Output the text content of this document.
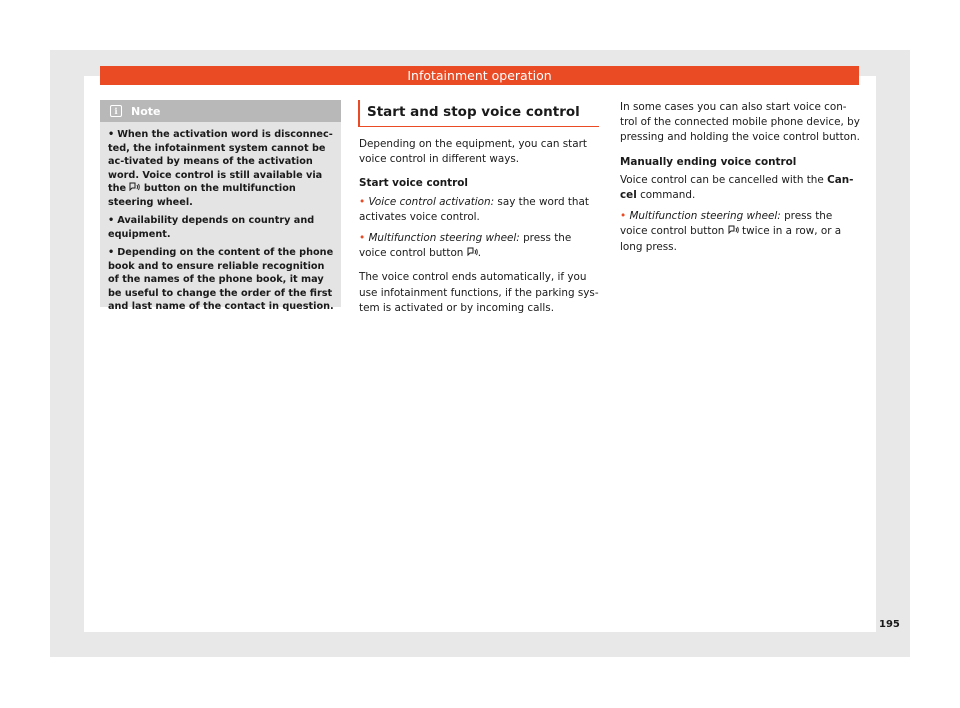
Infotainment operation
i	Note
• When the activation word is disconnec-ted, the infotainment system cannot be ac-tivated by means of the activation word. Voice control is still available via the button on the multifunction steering wheel.
• Availability depends on country and equipment.
• Depending on the content of the phone book and to ensure reliable recognition of the names of the phone book, it may be useful to change the order of the first and last name of the contact in question.
Start and stop voice control

Depending on the equipment, you can start voice control in different ways.

Start voice control

• Voice control activation: say the word that activates voice control.

• Multifunction steering wheel: press the voice control button .

The voice control ends automatically, if you use infotainment functions, if the parking sys-tem is activated or by incoming calls.

In some cases you can also start voice con-trol of the connected mobile phone device, by pressing and holding the voice control button.

Manually ending voice control

Voice control can be cancelled with the Can-cel command.

• Multifunction steering wheel: press the voice control button  twice in a row, or a long press.

195
